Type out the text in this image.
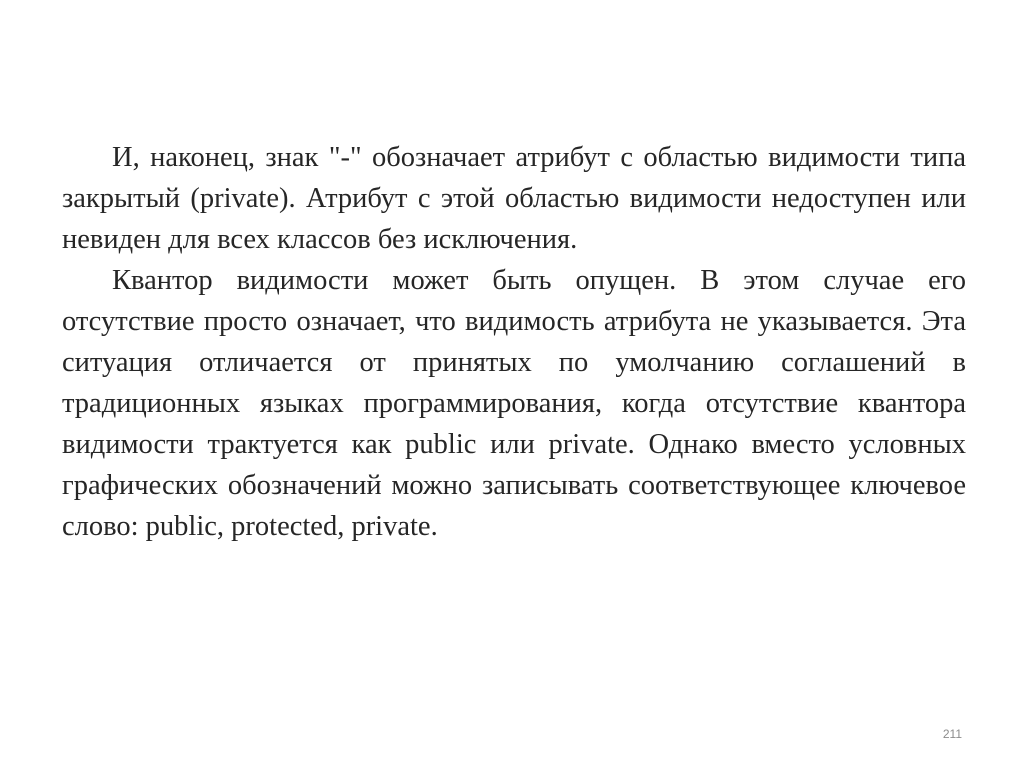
И, наконец, знак "-" обозначает атрибут с областью видимости типа закрытый (private). Атрибут с этой областью видимости недоступен или невиден для всех классов без исключения.

Квантор видимости может быть опущен. В этом случае его отсутствие просто означает, что видимость атрибута не указывается. Эта ситуация отличается от принятых по умолчанию соглашений в традиционных языках программирования, когда отсутствие квантора видимости трактуется как public или private. Однако вместо условных графических обозначений можно записывать соответствующее ключевое слово: public, protected, private.

211
